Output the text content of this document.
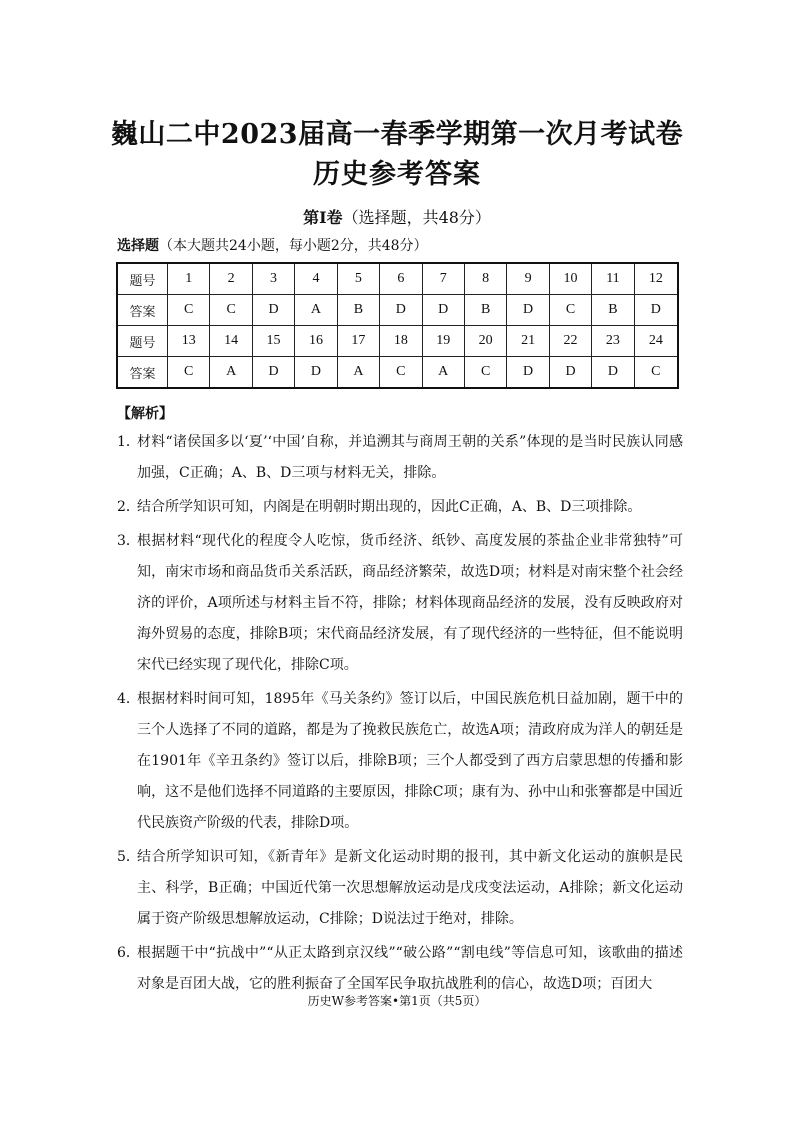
巍山二中2023届高一春季学期第一次月考试卷
历史参考答案
第Ⅰ卷（选择题，共48分）
选择题（本大题共24小题，每小题2分，共48分）
题号	1	2	3	4	5	6	7	8	9	10	11	12
答案	C	C	D	A	B	D	D	B	D	C	B	D
题号	13	14	15	16	17	18	19	20	21	22	23	24
答案	C	A	D	D	A	C	A	C	D	D	D	C
【解析】
1．
材料“诸侯国多以‘夏’‘中国’自称，并追溯其与商周王朝的关系”体现的是当时民族认同感加强，C正确；A、B、D三项与材料无关，排除。
2．
结合所学知识可知，内阁是在明朝时期出现的，因此C正确，A、B、D三项排除。
3．
根据材料“现代化的程度令人吃惊，货币经济、纸钞、高度发展的茶盐企业非常独特”可知，南宋市场和商品货币关系活跃，商品经济繁荣，故选D项；材料是对南宋整个社会经济的评价，A项所述与材料主旨不符，排除；材料体现商品经济的发展，没有反映政府对海外贸易的态度，排除B项；宋代商品经济发展，有了现代经济的一些特征，但不能说明宋代已经实现了现代化，排除C项。
4．
根据材料时间可知，1895年《马关条约》签订以后，中国民族危机日益加剧，题干中的三个人选择了不同的道路，都是为了挽救民族危亡，故选A项；清政府成为洋人的朝廷是在1901年《辛丑条约》签订以后，排除B项；三个人都受到了西方启蒙思想的传播和影响，这不是他们选择不同道路的主要原因，排除C项；康有为、孙中山和张謇都是中国近代民族资产阶级的代表，排除D项。
5．
结合所学知识可知，《新青年》是新文化运动时期的报刊，其中新文化运动的旗帜是民主、科学，B正确；中国近代第一次思想解放运动是戊戌变法运动，A排除；新文化运动属于资产阶级思想解放运动，C排除；D说法过于绝对，排除。
6．
根据题干中“抗战中”“从正太路到京汉线”“破公路”“割电线”等信息可知，该歌曲的描述对象是百团大战，它的胜利振奋了全国军民争取抗战胜利的信心，故选D项；百团大
历史W参考答案•第1页（共5页）
